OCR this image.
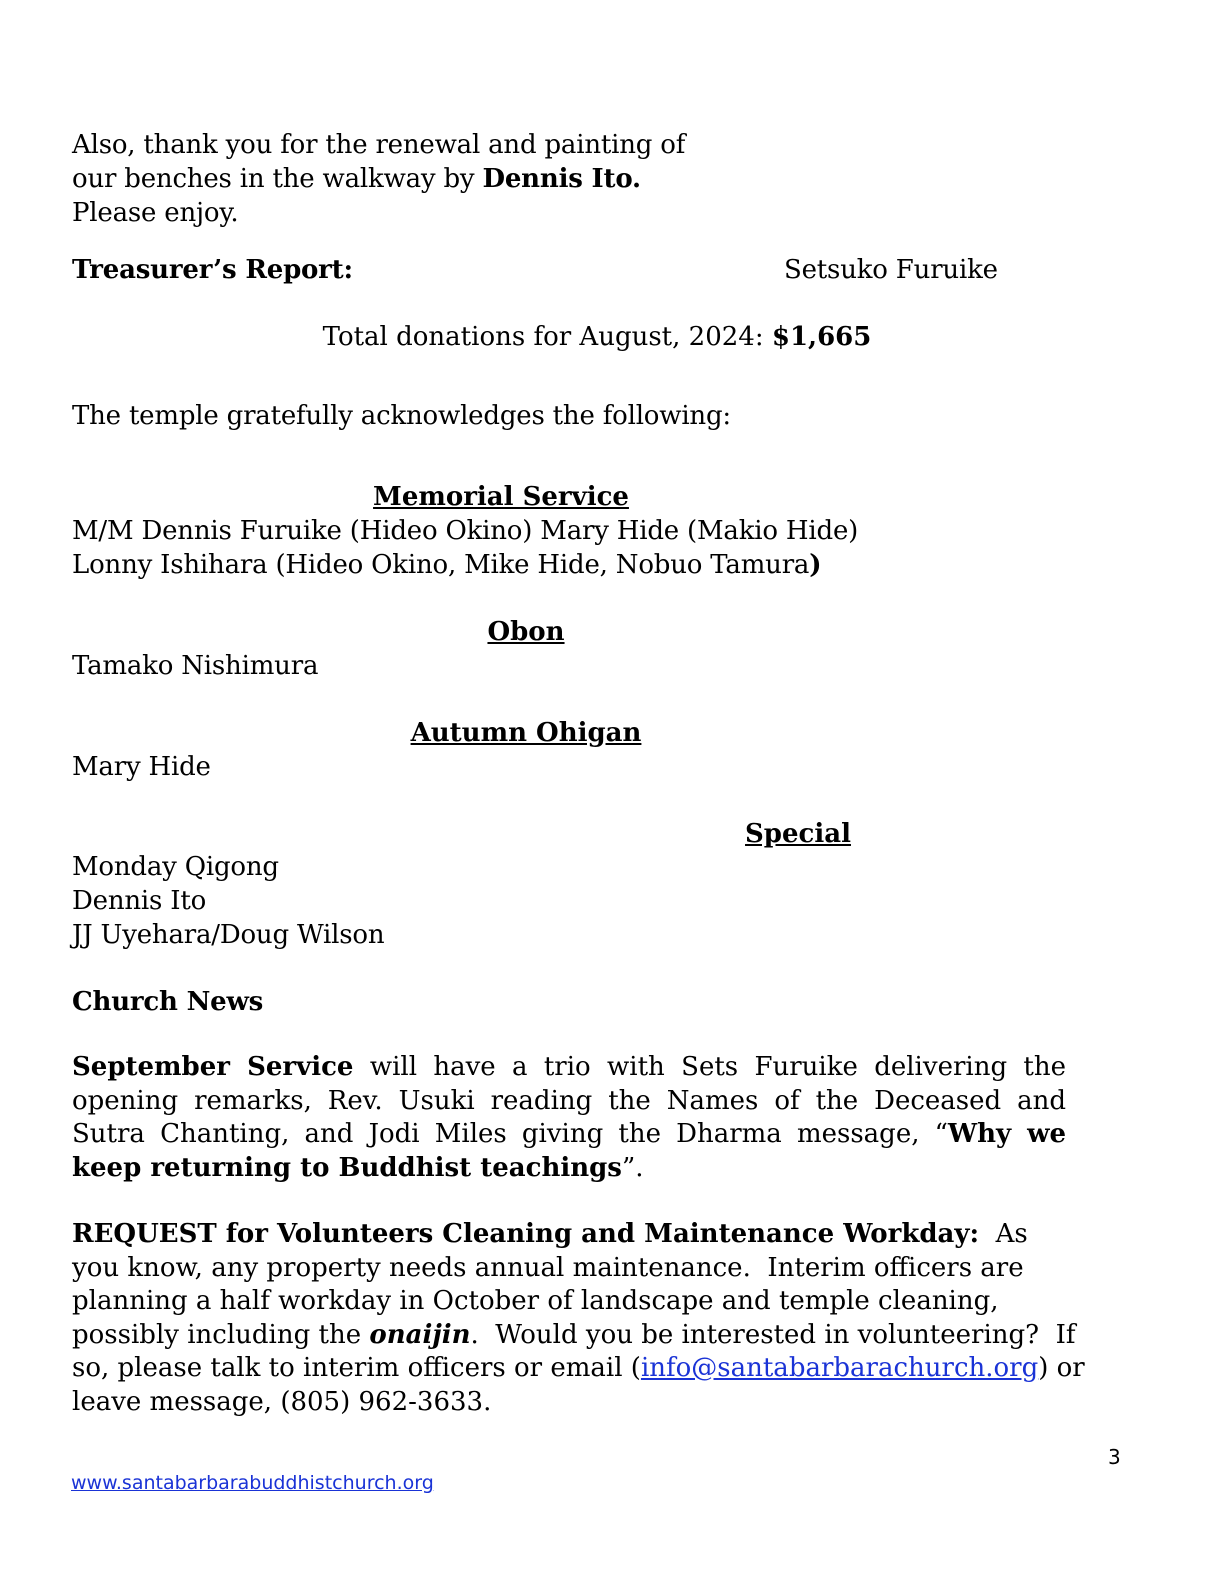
Also, thank you for the renewal and painting of
our benches in the walkway by Dennis Ito.
Please enjoy.
Treasurer’s Report:	Setsuko Furuike
Total donations for August, 2024: $1,665
The temple gratefully acknowledges the following:
Memorial Service
M/M Dennis Furuike (Hideo Okino) Mary Hide (Makio Hide)
Lonny Ishihara (Hideo Okino, Mike Hide, Nobuo Tamura)
Obon
Tamako Nishimura
Autumn Ohigan
Mary Hide
Special
Monday Qigong
Dennis Ito
JJ Uyehara/Doug Wilson
Church News
September Service will have a trio with Sets Furuike delivering the
opening remarks, Rev. Usuki reading the Names of the Deceased and
Sutra Chanting, and Jodi Miles giving the Dharma message, “Why we
keep returning to Buddhist teachings”.
REQUEST for Volunteers Cleaning and Maintenance Workday:  As
you know, any property needs annual maintenance.  Interim officers are
planning a half workday in October of landscape and temple cleaning,
possibly including the onaijin.  Would you be interested in volunteering?  If
so, please talk to interim officers or email (info@santabarbarachurch.org) or
leave message, (805) 962-3633.
3
www.santabarbarabuddhistchurch.org
